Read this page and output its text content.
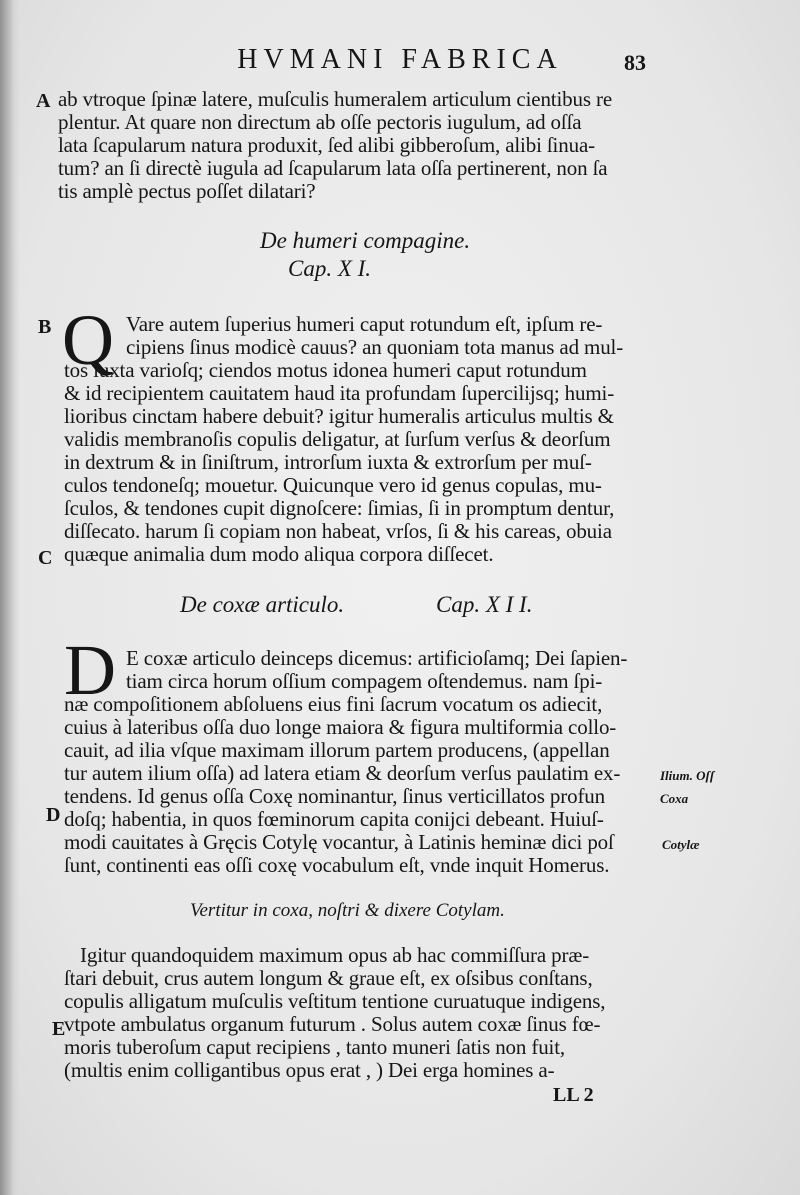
HVMANI FABRICA	83
A ab vtroque ſpinæ latere, muſculis humeralem articulum cientibus re
plentur. At quare non directum ab oſſe pectoris iugulum, ad oſſa
lata ſcapularum natura produxit, ſed alibi gibberoſum, alibi ſinua-
tum? an ſi directè iugula ad ſcapularum lata oſſa pertinerent, non ſa
tis amplè pectus poſſet dilatari?
De humeri compagine.
Cap. X I.
B Q Vare autem ſuperius humeri caput rotundum eſt, ipſum re-
cipiens ſinus modicè cauus? an quoniam tota manus ad mul-
tos iuxta varioſq; ciendos motus idonea humeri caput rotundum
& id recipientem cauitatem haud ita profundam ſupercilijsq; humi-
lioribus cinctam habere debuit? igitur humeralis articulus multis &
validis membranoſis copulis deligatur, at ſurſum verſus & deorſum
in dextrum & in ſiniſtrum, introrſum iuxta & extrorſum per muſ-
culos tendoneſq; mouetur. Quicunque vero id genus copulas, mu-
ſculos, & tendones cupit dignoſcere: ſimias, ſi in promptum dentur,
diſſecato. harum ſi copiam non habeat, vrſos, ſi & his careas, obuia
C quæque animalia dum modo aliqua corpora diſſecet.
De coxæ articulo.	Cap. X I I.
D E coxæ articulo deinceps dicemus: artificioſamq; Dei ſapien-
tiam circa horum oſſium compagem oſtendemus. nam ſpi-
næ compoſitionem abſoluens eius fini ſacrum vocatum os adiecit,
cuius à lateribus oſſa duo longe maiora & figura multiformia collo-
cauit, ad ilia vſque maximam illorum partem producens, (appellan
tur autem ilium oſſa) ad latera etiam & deorſum verſus paulatim ex-	Ilium. Oſſ
tendens. Id genus oſſa Coxę nominantur, ſinus verticillatos profun	Coxa
D doſq; habentia, in quos fœminorum capita conijci debeant. Huiuſ-
modi cauitates à Gręcis Cotylę vocantur, à Latinis heminæ dici poſ	Cotylæ
ſunt, continenti eas oſſi coxę vocabulum eſt, vnde inquit Homerus.
Vertitur in coxa, noſtri & dixere Cotylam.
Igitur quandoquidem maximum opus ab hac commiſſura præ-
ſtari debuit, crus autem longum & graue eſt, ex oſsibus conſtans,
copulis alligatum muſculis veſtitum tentione curuatuque indigens,
E
vtpote ambulatus organum futurum . Solus autem coxæ ſinus fœ-
moris tuberoſum caput recipiens , tanto muneri ſatis non fuit,
(multis enim colligantibus opus erat , ) Dei erga homines a-
LL 2
